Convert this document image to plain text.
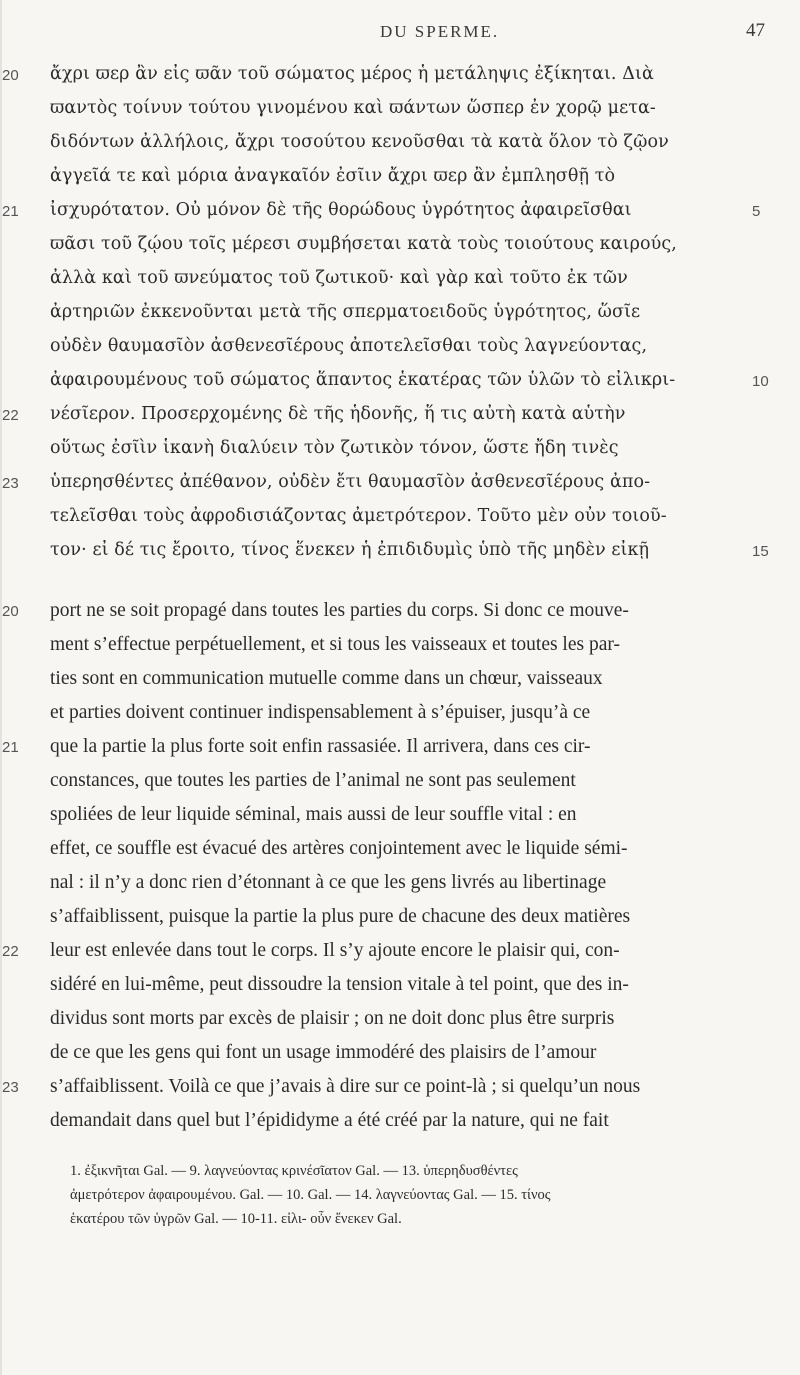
DU SPERME.	47
ἄχρι ϖερ ἂν εἰς ϖᾶν τοῦ σώματος μέρος ἡ μετάληψις ἐξίκηται. Διὰ
ϖαντὸς τοίνυν τούτου γινομένου καὶ ϖάντων ὥσπερ ἐν χορῷ μετα-
διδόντων ἀλλήλοις, ἄχρι τοσούτου κενοῦσθαι τὰ κατὰ ὅλον τὸ ζῷον
ἀγγεῖά τε καὶ μόρια ἀναγκαῖόν ἐσῖιν ἄχρι ϖερ ἂν ἐμπλησθῇ τὸ
ἰσχυρότατον. Οὐ μόνον δὲ τῆς θορώδους ὑγρότητος ἀφαιρεῖσθαι
ϖᾶσι τοῦ ζῴου τοῖς μέρεσι συμβήσεται κατὰ τοὺς τοιούτους καιρούς,
ἀλλὰ καὶ τοῦ ϖνεύματος τοῦ ζωτικοῦ· καὶ γὰρ καὶ τοῦτο ἐκ τῶν
ἀρτηριῶν ἐκκενοῦνται μετὰ τῆς σπερματοειδοῦς ὑγρότητος, ὥσῖε
οὐδὲν θαυμασῖὸν ἀσθενεσῖέρους ἀποτελεῖσθαι τοὺς λαγνεύοντας,
ἀφαιρουμένους τοῦ σώματος ἅπαντος ἑκατέρας τῶν ὑλῶν τὸ εἰλικρι-
νέσῖερον. Προσερχομένης δὲ τῆς ἡδονῆς, ἥ τις αὐτὴ κατὰ αὑτὴν
οὕτως ἐσῖὶν ἱκανὴ διαλύειν τὸν ζωτικὸν τόνον, ὥστε ἤδη τινὲς
ὑπερησθέντες ἀπέθανον, οὐδὲν ἔτι θαυμασῖὸν ἀσθενεσῖέρους ἀπο-
τελεῖσθαι τοὺς ἀφροδισιάζοντας ἀμετρότερον. Τοῦτο μὲν οὖν τοιοῦ-
τον· εἰ δέ τις ἔροιτο, τίνος ἕνεκεν ἡ ἐπιδιδυμὶς ὑπὸ τῆς μηδὲν εἰκῇ
20
21
22
23
5
10
15
port ne se soit propagé dans toutes les parties du corps. Si donc ce mouve-
ment s’effectue perpétuellement, et si tous les vaisseaux et toutes les par-
ties sont en communication mutuelle comme dans un chœur, vaisseaux
et parties doivent continuer indispensablement à s’épuiser, jusqu’à ce
que la partie la plus forte soit enfin rassasiée. Il arrivera, dans ces cir-
constances, que toutes les parties de l’animal ne sont pas seulement
spoliées de leur liquide séminal, mais aussi de leur souffle vital : en
effet, ce souffle est évacué des artères conjointement avec le liquide sémi-
nal : il n’y a donc rien d’étonnant à ce que les gens livrés au libertinage
s’affaiblissent, puisque la partie la plus pure de chacune des deux matières
leur est enlevée dans tout le corps. Il s’y ajoute encore le plaisir qui, con-
sidéré en lui-même, peut dissoudre la tension vitale à tel point, que des in-
dividus sont morts par excès de plaisir ; on ne doit donc plus être surpris
de ce que les gens qui font un usage immodéré des plaisirs de l’amour
s’affaiblissent. Voilà ce que j’avais à dire sur ce point-là ; si quelqu’un nous
demandait dans quel but l’épididyme a été créé par la nature, qui ne fait
20
21
22
23
1. ἐξικνῆται Gal. — 9. λαγνεύοντας κρινέσῖατον Gal. — 13. ὑπερηδυσθέντες
ἀμετρότερον ἀφαιρουμένου. Gal. — 10. Gal. — 14. λαγνεύοντας Gal. — 15. τίνος
ἑκατέρου τῶν ὑγρῶν Gal. — 10-11. εἰλι- οὖν ἕνεκεν Gal.
